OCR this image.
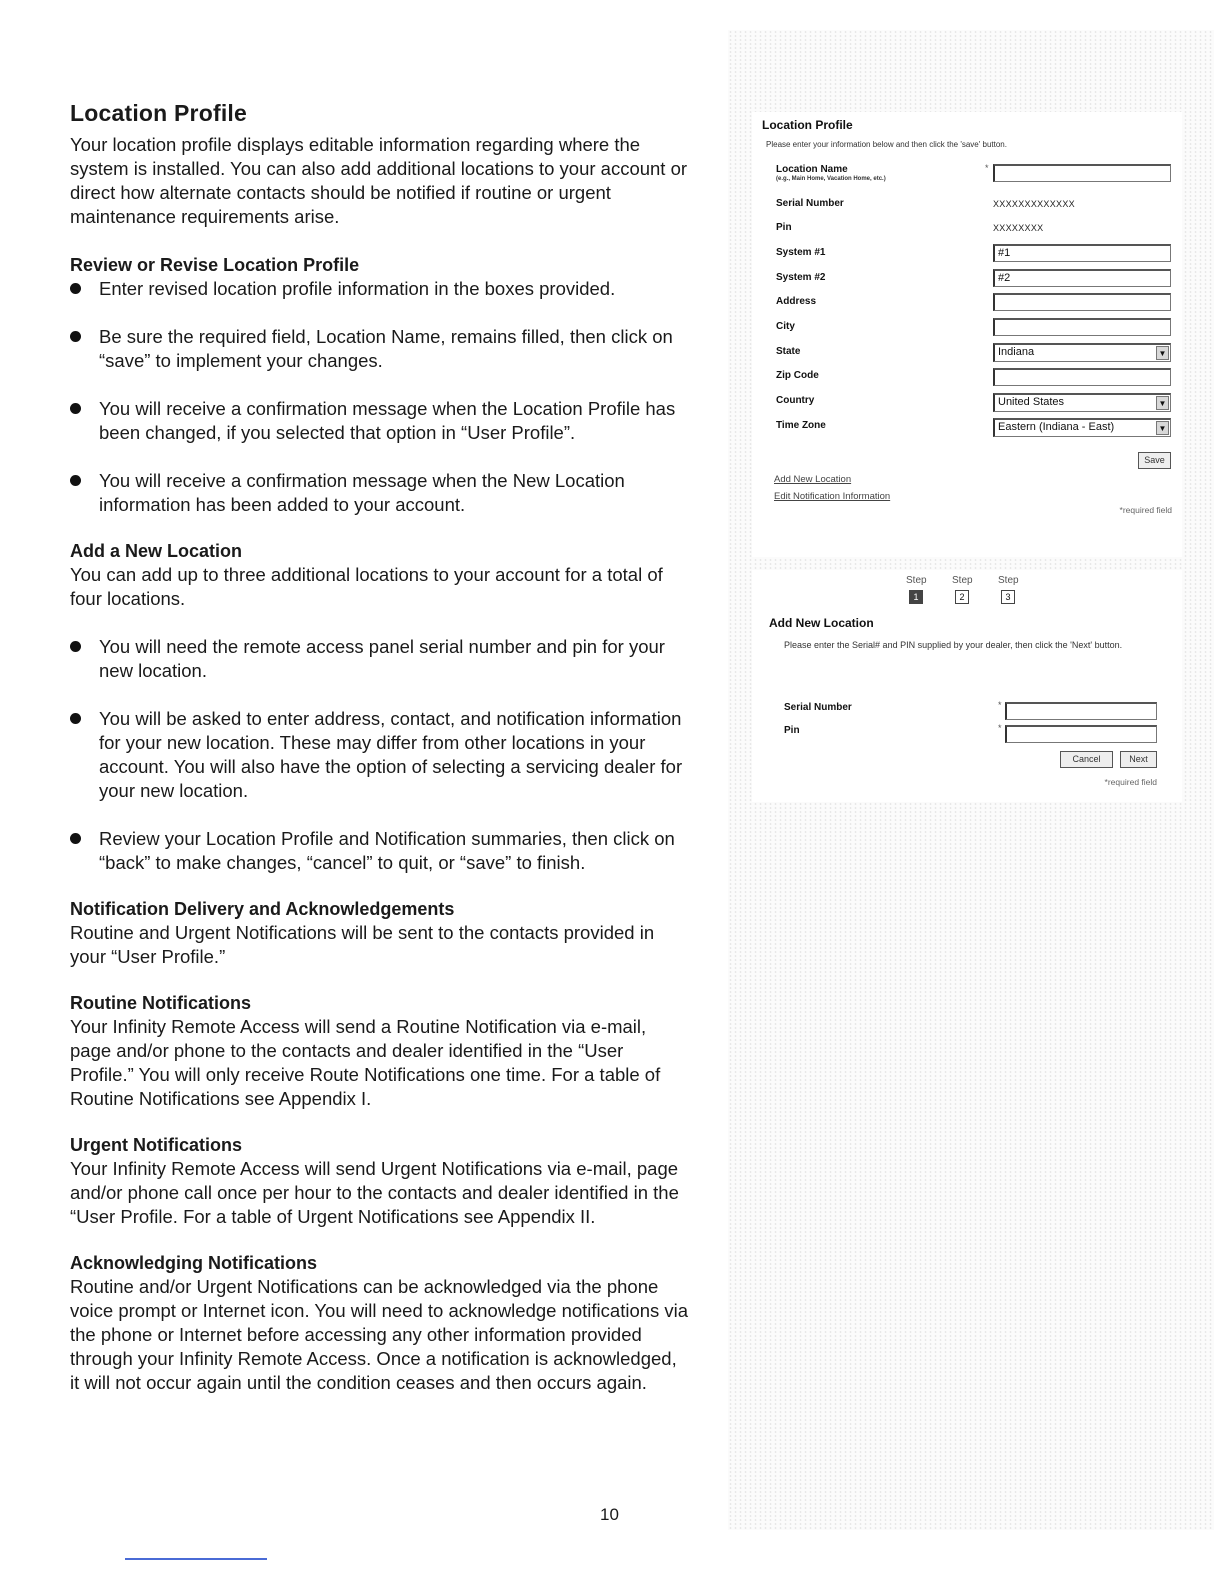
Location Profile

Your location profile displays editable information regarding where the system is installed. You can also add additional locations to your account or direct how alternate contacts should be notified if routine or urgent maintenance requirements arise.

Review or Revise Location Profile
Enter revised location profile information in the boxes provided.
Be sure the required field, Location Name, remains filled, then click on “save” to implement your changes.
You will receive a confirmation message when the Location Profile has been changed, if you selected that option in “User Profile”.
You will receive a confirmation message when the New Location information has been added to your account.
Add a New Location

You can add up to three additional locations to your account for a total of four locations.

You will need the remote access panel serial number and pin for your new location.
You will be asked to enter address, contact, and notification information for your new location. These may differ from other locations in your account. You will also have the option of selecting a servicing dealer for your new location.
Review your Location Profile and Notification summaries, then click on “back” to make changes, “cancel” to quit, or “save” to finish.
Notification Delivery and Acknowledgements

Routine and Urgent Notifications will be sent to the contacts provided in your “User Profile.”

Routine Notifications

Your Infinity Remote Access will send a Routine Notification via e-mail, page and/or phone to the contacts and dealer identified in the “User Profile.” You will only receive Route Notifications one time. For a table of Routine Notifications see Appendix I.

Urgent Notifications

Your Infinity Remote Access will send Urgent Notifications via e-mail, page and/or phone call once per hour to the contacts and dealer identified in the “User Profile. For a table of Urgent Notifications see Appendix II.

Acknowledging Notifications

Routine and/or Urgent Notifications can be acknowledged via the phone voice prompt or Internet icon. You will need to acknowledge notifications via the phone or Internet before accessing any other information provided through your Infinity Remote Access. Once a notification is acknowledged, it will not occur again until the condition ceases and then occurs again.

10
Location Profile
Please enter your information below and then click the 'save' button.
Location Name
(e.g., Main Home, Vacation Home, etc.)
*
Serial Number	XXXXXXXXXXXXX
Pin	XXXXXXXX
System #1	#1
System #2	#2
Address
City
State	Indiana	▼
Zip Code
Country	United States	▼
Time Zone	Eastern (Indiana - East)	▼
Save
Add New Location
Edit Notification Information
*required field
Step	Step	Step
1	2	3
Add New Location
Please enter the Serial# and PIN supplied by your dealer, then click the 'Next' button.
Serial Number	*
Pin	*
Cancel	Next
*required field
